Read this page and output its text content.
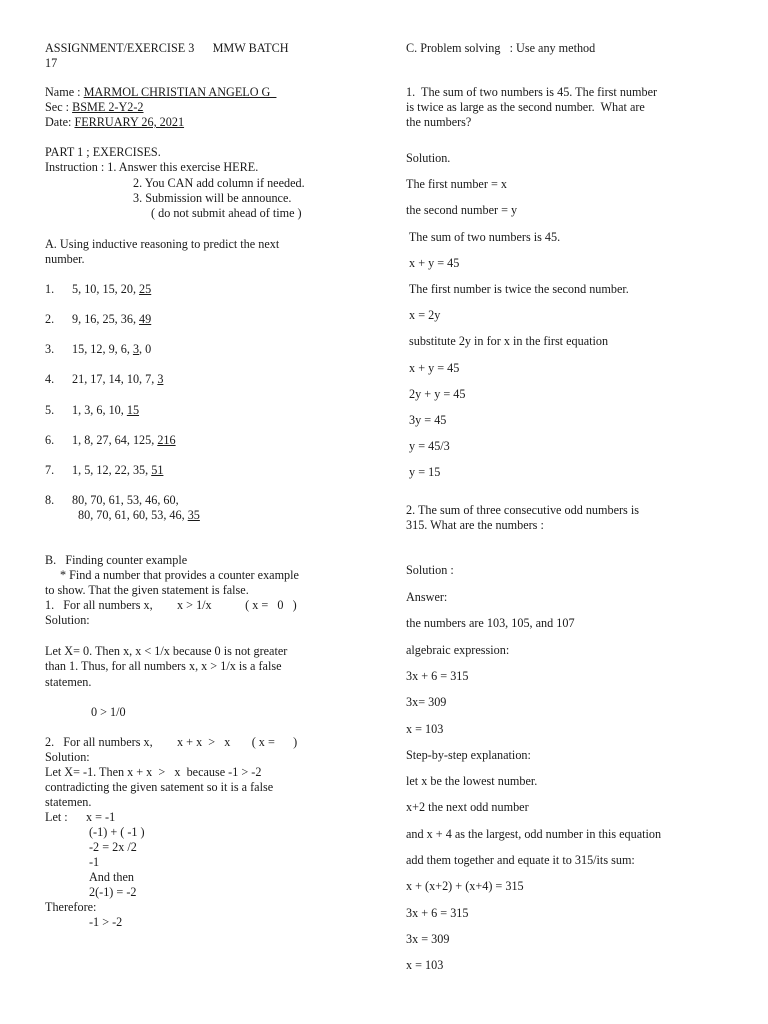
ASSIGNMENT/EXERCISE 3      MMW BATCH
17
Name : MARMOL CHRISTIAN ANGELO G
Sec : BSME 2-Y2-2
Date: FERRUARY 26, 2021
PART 1 ; EXERCISES.
Instruction : 1. Answer this exercise HERE.
2. You CAN add column if needed.
3. Submission will be announce.
( do not submit ahead of time )
A. Using inductive reasoning to predict the next
number.
1. 5, 10, 15, 20, 25
2. 9, 16, 25, 36, 49
3. 15, 12, 9, 6, 3, 0
4. 21, 17, 14, 10, 7, 3
5. 1, 3, 6, 10, 15
6. 1, 8, 27, 64, 125, 216
7. 1, 5, 12, 22, 35, 51
8. 80, 70, 61, 53, 46, 60,
80, 70, 61, 60, 53, 46, 35
B.   Finding counter example
* Find a number that provides a counter example
to show. That the given statement is false.
1.   For all numbers x,        x > 1/x           ( x =   0   )
Solution:
Let X= 0. Then x, x < 1/x because 0 is not greater
than 1. Thus, for all numbers x, x > 1/x is a false
statemen.
0 > 1/0
2.   For all numbers x,        x + x  >   x       ( x =      )
Solution:
Let X= -1. Then x + x  >   x  because -1 > -2
contradicting the given satement so it is a false
statemen.
Let :      x = -1
(-1) + ( -1 )
-2 = 2x /2
-1
And then
2(-1) = -2
Therefore:
-1 > -2
C. Problem solving   : Use any method
1.  The sum of two numbers is 45. The first number
is twice as large as the second number.  What are
the numbers?
Solution.
The first number = x
the second number = y
The sum of two numbers is 45.
x + y = 45
The first number is twice the second number.
x = 2y
substitute 2y in for x in the first equation
x + y = 45
2y + y = 45
3y = 45
y = 45/3
y = 15
2. The sum of three consecutive odd numbers is
315. What are the numbers :
Solution :
Answer:
the numbers are 103, 105, and 107
algebraic expression:
3x + 6 = 315
3x= 309
x = 103
Step-by-step explanation:
let x be the lowest number.
x+2 the next odd number
and x + 4 as the largest, odd number in this equation
add them together and equate it to 315/its sum:
x + (x+2) + (x+4) = 315
3x + 6 = 315
3x = 309
x = 103
